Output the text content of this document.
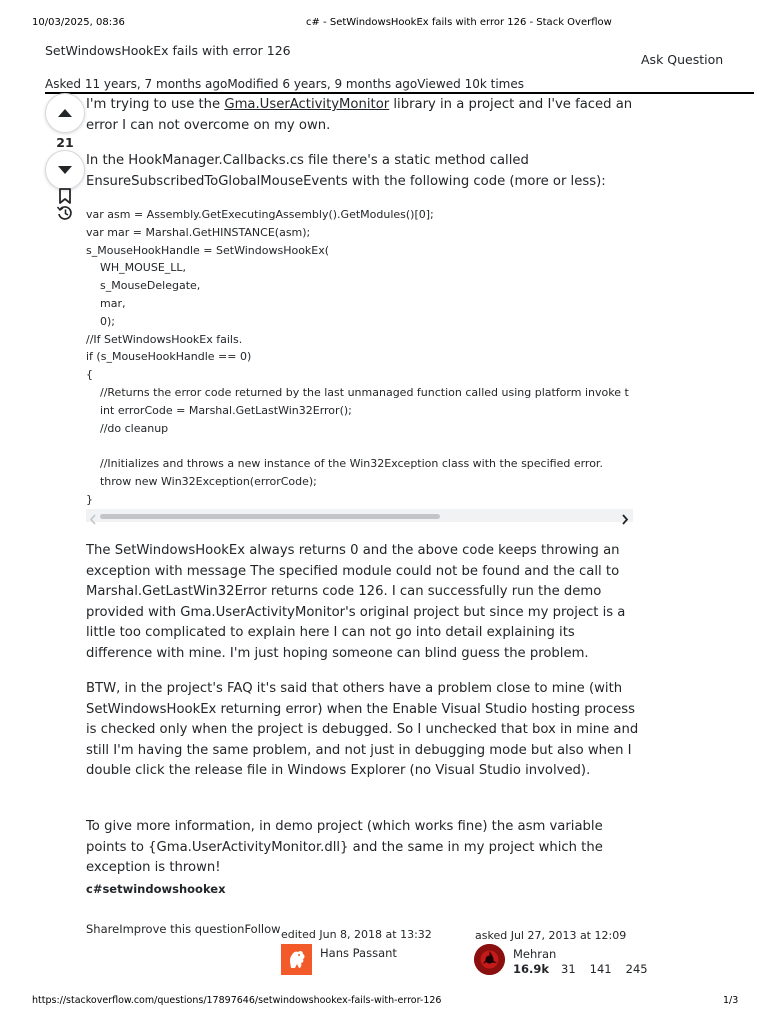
10/03/2025, 08:36	c# - SetWindowsHookEx fails with error 126 - Stack Overflow
SetWindowsHookEx fails with error 126
Ask Question
Asked 11 years, 7 months agoModified 6 years, 9 months agoViewed 10k times
21
I'm trying to use the Gma.UserActivityMonitor library in a project and I've faced an error I can not overcome on my own.
In the HookManager.Callbacks.cs file there's a static method called EnsureSubscribedToGlobalMouseEvents with the following code (more or less):
var asm = Assembly.GetExecutingAssembly().GetModules()[0];
var mar = Marshal.GetHINSTANCE(asm);
s_MouseHookHandle = SetWindowsHookEx(
WH_MOUSE_LL,
s_MouseDelegate,
mar,
0);
//If SetWindowsHookEx fails.
if (s_MouseHookHandle == 0)
{
//Returns the error code returned by the last unmanaged function called using platform invoke t
int errorCode = Marshal.GetLastWin32Error();
//do cleanup

//Initializes and throws a new instance of the Win32Exception class with the specified error.
throw new Win32Exception(errorCode);
}
The SetWindowsHookEx always returns 0 and the above code keeps throwing an exception with message The specified module could not be found and the call to Marshal.GetLastWin32Error returns code 126. I can successfully run the demo provided with Gma.UserActivityMonitor's original project but since my project is a little too complicated to explain here I can not go into detail explaining its difference with mine. I'm just hoping someone can blind guess the problem.
BTW, in the project's FAQ it's said that others have a problem close to mine (with SetWindowsHookEx returning error) when the Enable Visual Studio hosting process is checked only when the project is debugged. So I unchecked that box in mine and still I'm having the same problem, and not just in debugging mode but also when I double click the release file in Windows Explorer (no Visual Studio involved).
To give more information, in demo project (which works fine) the asm variable points to {Gma.UserActivityMonitor.dll} and the same in my project which the exception is thrown!
c#setwindowshookex
ShareImprove this questionFollow edited Jun 8, 2018 at 13:32
Hans Passant
asked Jul 27, 2013 at 12:09
Mehran
16.9k 31 141 245
https://stackoverflow.com/questions/17897646/setwindowshookex-fails-with-error-126	1/3
